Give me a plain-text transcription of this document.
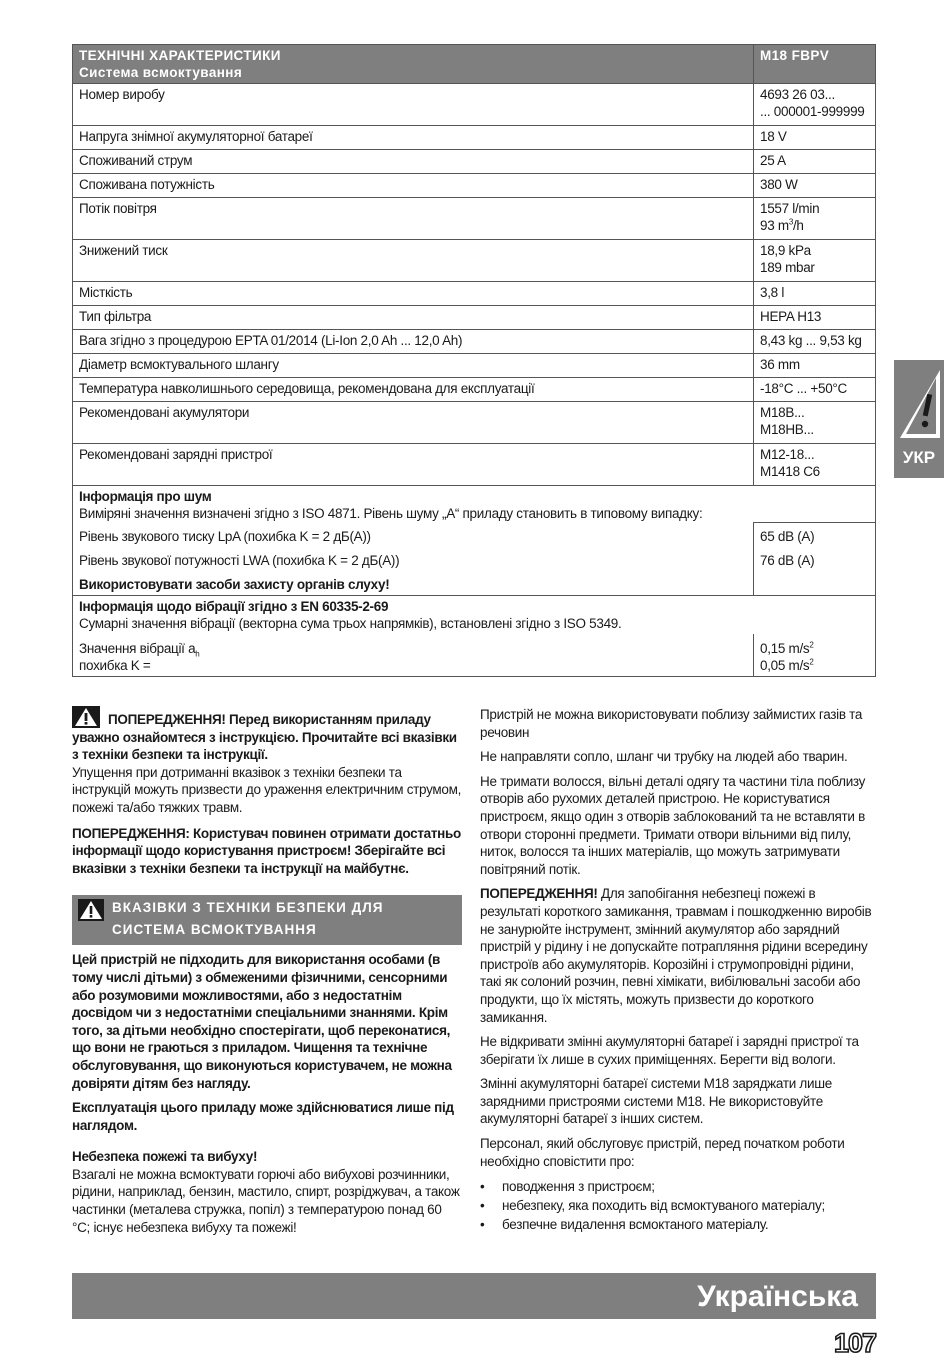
ТЕХНІЧНІ ХАРАКТЕРИСТИКИ
Система всмоктування	M18 FBPV
Номер виробу	4693 26 03...
... 000001-999999
Напруга знімної акумуляторної батареї	18 V
Споживаний струм	25 A
Споживана потужність	380 W
Потік повітря	1557 l/min
93 $m^3/h$
Знижений тиск	18,9 kPa
189 mbar
Місткість	3,8 l
Тип фільтра	HEPA H13
Вага згідно з процедурою EPTA 01/2014 (Li-Ion 2,0 Ah ... 12,0 Ah)	8,43 kg ... 9,53 kg
Діаметр всмоктувального шлангу	36 mm
Температура навколишнього середовища, рекомендована для експлуатації	-18°C ... +50°C
Рекомендовані акумулятори	M18B...
M18HB...
Рекомендовані зарядні пристрої	M12-18...
M1418 C6
Інформація про шум
Виміряні значення визначені згідно з ISO 4871. Рівень шуму „A“ приладу становить в типовому випадку:	
Рівень звукового тиску LpA (похибка K = 2 дБ(A))	65 dB (A)
Рівень звукової потужності LWA (похибка K = 2 дБ(A))	76 dB (A)
Використовувати засоби захисту органів слуху!	
Інформація щодо вібрації згідно з EN 60335-2-69
Сумарні значення вібрації (векторна сума трьох напрямків), встановлені згідно з ISO 5349.	
Значення вібрації $a_h$
похибка K =	0,15 $m/s^2$
0,05 $m/s^2$

ПОПЕРЕДЖЕННЯ! Перед використанням приладу уважно ознайомтеся з інструкцією. Прочитайте всі вказівки з техніки безпеки та інструкції.
Упущення при дотриманні вказівок з техніки безпеки та інструкцій можуть призвести до ураження електричним струмом, пожежі та/або тяжких травм.

ПОПЕРЕДЖЕННЯ: Користувач повинен отримати достатньо інформації щодо користування пристроєм! Зберігайте всі вказівки з техніки безпеки та інструкції на майбутнє.

ВКАЗІВКИ З ТЕХНІКИ БЕЗПЕКИ ДЛЯ СИСТЕМА ВСМОКТУВАННЯ

Цей пристрій не підходить для використання особами (в тому числі дітьми) з обмеженими фізичними, сенсорними або розумовими можливостями, або з недостатнім досвідом чи з недостатніми спеціальними знаннями. Крім того, за дітьми необхідно спостерігати, щоб переконатися, що вони не граються з приладом. Чищення та технічне обслуговування, що виконуються користувачем, не можна довіряти дітям без нагляду.

Експлуатація цього приладу може здійснюватися лише під наглядом.

Небезпека пожежі та вибуху!
Взагалі не можна всмоктувати горючі або вибухові розчинники, рідини, наприклад, бензин, мастило, спирт, розріджувач, а також частинки (металева стружка, попіл) з температурою понад 60 °C; існує небезпека вибуху та пожежі!

Пристрій не можна використовувати поблизу займистих газів та речовин

Не направляти сопло, шланг чи трубку на людей або тварин.

Не тримати волосся, вільні деталі одягу та частини тіла поблизу отворів або рухомих деталей пристрою. Не користуватися пристроєм, якщо один з отворів заблокований та не вставляти в отвори сторонні предмети. Тримати отвори вільними від пилу, ниток, волосся та інших матеріалів, що можуть затримувати повітряний потік.

ПОПЕРЕДЖЕННЯ! Для запобігання небезпеці пожежі в результаті короткого замикання, травмам і пошкодженню виробів не занурюйте інструмент, змінний акумулятор або зарядний пристрій у рідину і не допускайте потрапляння рідини всередину пристроїв або акумуляторів. Корозійні і струмопровідні рідини, такі як солоний розчин, певні хімікати, вибілювальні засоби або продукти, що їх містять, можуть призвести до короткого замикання.

Не відкривати змінні акумуляторні батареї і зарядні пристрої та зберігати їх лише в сухих приміщеннях. Берегти від вологи.

Змінні акумуляторні батареї системи M18 заряджати лише зарядними пристроями системи M18. Не використовуйте акумуляторні батареї з інших систем.

Персонал, який обслуговує пристрій, перед початком роботи необхідно сповістити про:

• поводження з пристроєм;
• небезпеку, яка походить від всмоктуваного матеріалу;
• безпечне видалення всмоктаного матеріалу.
УКР
Українська
107
